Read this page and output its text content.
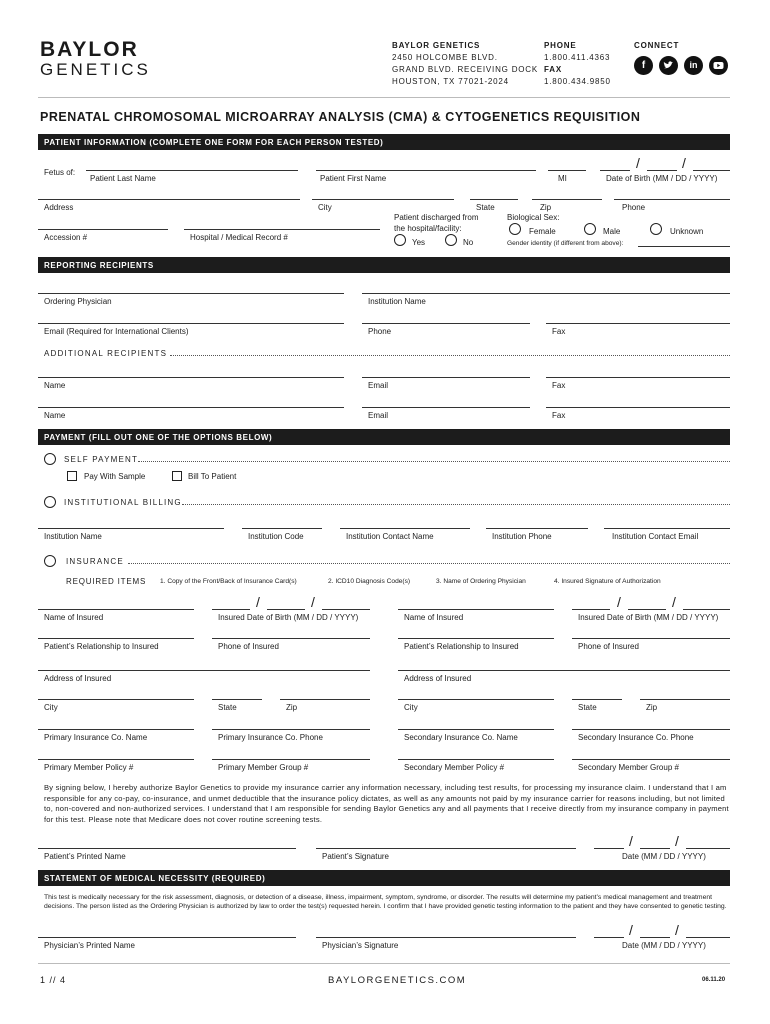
BAYLOR
GENETICS
BAYLOR GENETICS
2450 HOLCOMBE BLVD.
GRAND BLVD. RECEIVING DOCK
HOUSTON, TX 77021-2024
PHONE
1.800.411.4363
FAX
1.800.434.9850
CONNECT
f	in
PRENATAL CHROMOSOMAL MICROARRAY ANALYSIS (CMA) & CYTOGENETICS REQUISITION
PATIENT INFORMATION (COMPLETE ONE FORM FOR EACH PERSON TESTED)
Fetus of:
Patient Last Name	Patient First Name	MI
/	/
Date of Birth (MM / DD / YYYY)
Address	City	State	Zip	Phone
Patient discharged from
the hospital/facility:
Yes	No
Biological Sex:
Female	Male	Unknown
Gender identity (if different from above):
Accession #	Hospital / Medical Record #
REPORTING RECIPIENTS
Ordering Physician	Institution Name
Email (Required for International Clients)	Phone	Fax
ADDITIONAL RECIPIENTS
Name	Email	Fax
Name	Email	Fax
PAYMENT (FILL OUT ONE OF THE OPTIONS BELOW)
SELF PAYMENT
Pay With Sample	Bill To Patient
INSTITUTIONAL BILLING
Institution Name	Institution Code	Institution Contact Name	Institution Phone	Institution Contact Email
INSURANCE
REQUIRED ITEMS 1. Copy of the Front/Back of Insurance Card(s)	2. ICD10 Diagnosis Code(s)	3. Name of Ordering Physician	4. Insured Signature of Authorization
Name of Insured
/	/
Insured Date of Birth (MM / DD / YYYY)
Patient’s Relationship to Insured	Phone of Insured
Address of Insured
City	State	Zip
Primary Insurance Co. Name	Primary Insurance Co. Phone
Primary Member Policy #	Primary Member Group #
Name of Insured
/	/
Insured Date of Birth (MM / DD / YYYY)
Patient’s Relationship to Insured	Phone of Insured
Address of Insured
City	State	Zip
Secondary Insurance Co. Name	Secondary Insurance Co. Phone
Secondary Member Policy #	Secondary Member Group #
By signing below, I hereby authorize Baylor Genetics to provide my insurance carrier any information necessary, including test results, for processing my insurance claim. I understand that I am responsible for any co-pay, co-insurance, and unmet deductible that the insurance policy dictates, as well as any amounts not paid by my insurance carrier for reasons including, but not limited to, non-covered and non-authorized services. I understand that I am responsible for sending Baylor Genetics any and all payments that I receive directly from my insurance company in payment for this test. Please note that Medicare does not cover routine screening tests.
Patient’s Printed Name	Patient’s Signature
/	/
Date (MM / DD / YYYY)
STATEMENT OF MEDICAL NECESSITY (REQUIRED)
This test is medically necessary for the risk assessment, diagnosis, or detection of a disease, illness, impairment, symptom, syndrome, or disorder. The results will determine my patient’s medical management and treatment decisions. The person listed as the Ordering Physician is authorized by law to order the test(s) requested herein. I confirm that I have provided genetic testing information to the patient and they have consented to genetic testing.
Physician’s Printed Name	Physician’s Signature
/	/
Date (MM / DD / YYYY)
1 // 4	BAYLORGENETICS.COM	06.11.20
